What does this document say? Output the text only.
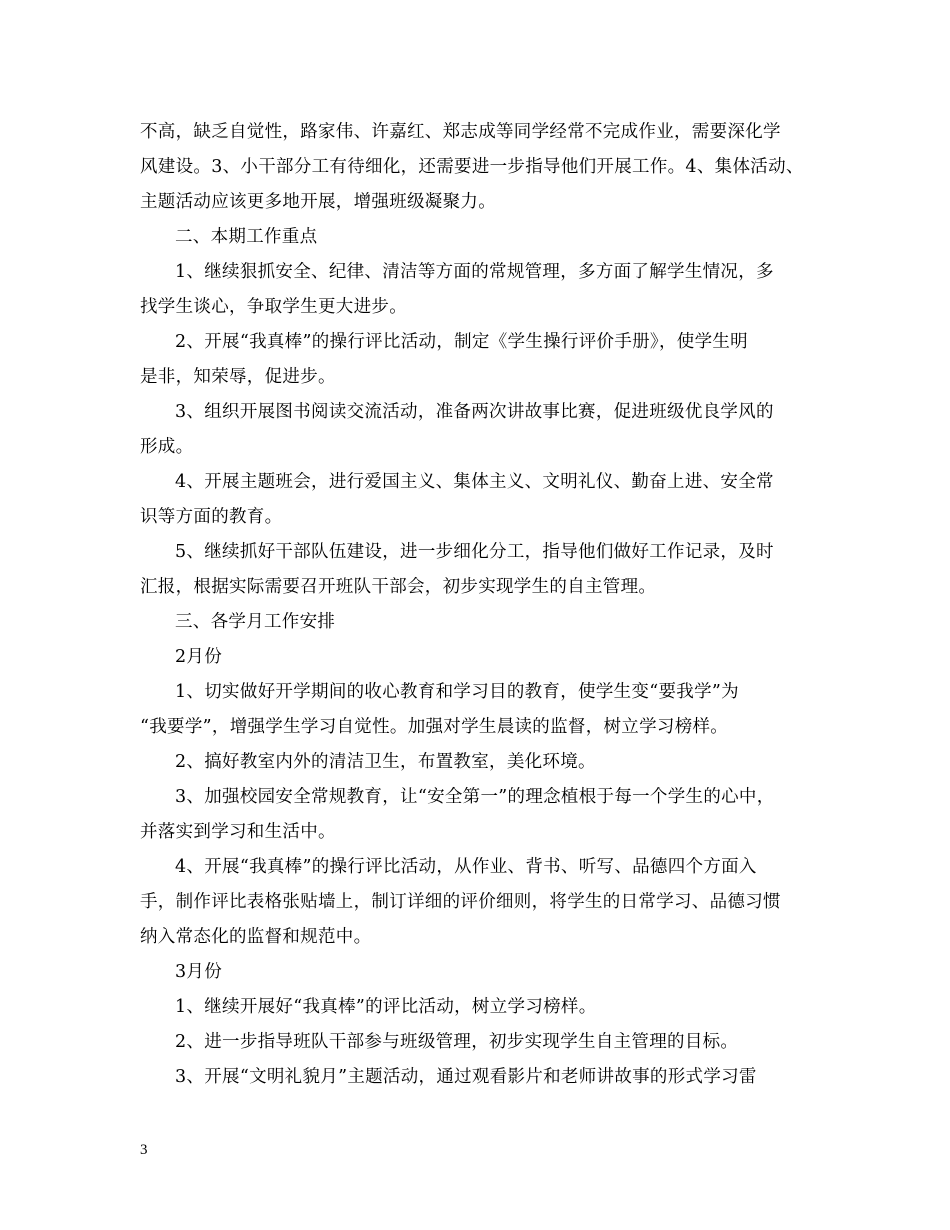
不高，缺乏自觉性，路家伟、许嘉红、郑志成等同学经常不完成作业，需要深化学
风建设。3、小干部分工有待细化，还需要进一步指导他们开展工作。4、集体活动、
主题活动应该更多地开展，增强班级凝聚力。
二、本期工作重点
1、继续狠抓安全、纪律、清洁等方面的常规管理，多方面了解学生情况，多
找学生谈心，争取学生更大进步。
2、开展“我真棒”的操行评比活动，制定《学生操行评价手册》，使学生明
是非，知荣辱，促进步。
3、组织开展图书阅读交流活动，准备两次讲故事比赛，促进班级优良学风的
形成。
4、开展主题班会，进行爱国主义、集体主义、文明礼仪、勤奋上进、安全常
识等方面的教育。
5、继续抓好干部队伍建设，进一步细化分工，指导他们做好工作记录，及时
汇报，根据实际需要召开班队干部会，初步实现学生的自主管理。
三、各学月工作安排
2月份
1、切实做好开学期间的收心教育和学习目的教育，使学生变“要我学”为
“我要学”，增强学生学习自觉性。加强对学生晨读的监督，树立学习榜样。
2、搞好教室内外的清洁卫生，布置教室，美化环境。
3、加强校园安全常规教育，让“安全第一”的理念植根于每一个学生的心中，
并落实到学习和生活中。
4、开展“我真棒”的操行评比活动，从作业、背书、听写、品德四个方面入
手，制作评比表格张贴墙上，制订详细的评价细则，将学生的日常学习、品德习惯
纳入常态化的监督和规范中。
3月份
1、继续开展好“我真棒”的评比活动，树立学习榜样。
2、进一步指导班队干部参与班级管理，初步实现学生自主管理的目标。
3、开展“文明礼貌月”主题活动，通过观看影片和老师讲故事的形式学习雷
3
